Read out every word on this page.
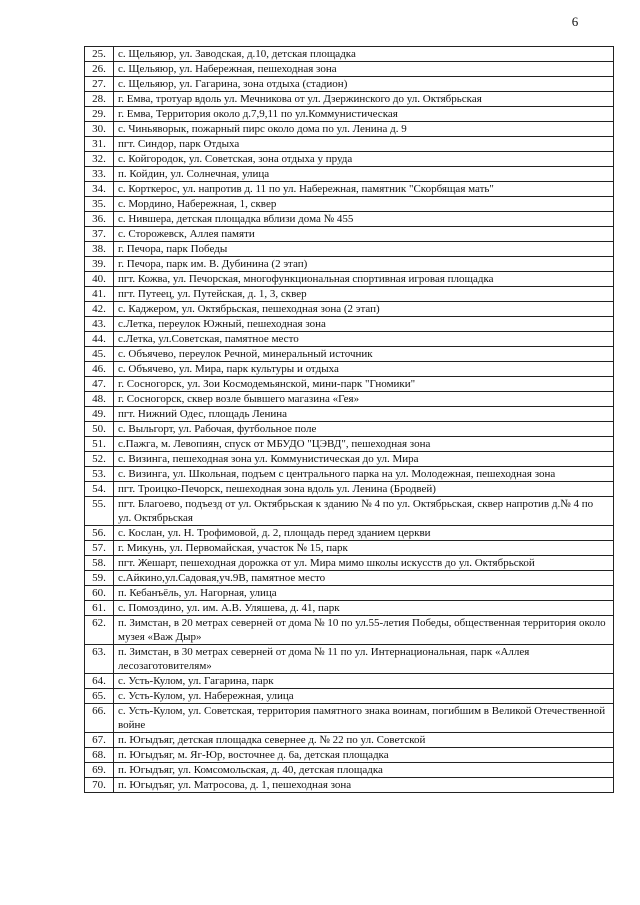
6
25.	с. Щельяюр, ул. Заводская, д.10, детская площадка
26.	с. Щельяюр, ул. Набережная, пешеходная зона
27.	с. Щельяюр, ул. Гагарина, зона отдыха (стадион)
28.	г. Емва, тротуар вдоль ул. Мечникова от ул. Дзержинского до ул. Октябрьская
29.	г. Емва, Территория около д.7,9,11 по ул.Коммунистическая
30.	с. Чиньяворык, пожарный пирс около дома по ул. Ленина д. 9
31.	пгт. Синдор, парк Отдыха
32.	с. Койгородок, ул. Советская, зона отдыха у пруда
33.	п. Койдин, ул. Солнечная, улица
34.	с. Корткерос, ул. напротив д. 11 по ул. Набережная, памятник "Скорбящая мать"
35.	с. Мордино, Набережная, 1, сквер
36.	с. Нившера, детская площадка вблизи дома № 455
37.	с. Сторожевск, Аллея памяти
38.	г. Печора, парк Победы
39.	г. Печора, парк им. В. Дубинина (2 этап)
40.	пгт. Кожва, ул. Печорская, многофункциональная спортивная игровая площадка
41.	пгт. Путеец, ул. Путейская, д. 1, 3, сквер
42.	с. Каджером, ул. Октябрьская, пешеходная зона (2 этап)
43.	с.Летка, переулок Южный, пешеходная зона
44.	с.Летка, ул.Советская, памятное место
45.	с. Объячево, переулок Речной, минеральный источник
46.	с. Объячево, ул. Мира, парк культуры и отдыха
47.	г. Сосногорск, ул. Зои Космодемьянской, мини-парк "Гномики"
48.	г. Сосногорск, сквер возле бывшего магазина «Гея»
49.	пгт. Нижний Одес, площадь Ленина
50.	с. Выльгорт, ул. Рабочая, футбольное поле
51.	с.Пажга, м. Левопиян, спуск от МБУДО "ЦЭВД", пешеходная зона
52.	с. Визинга, пешеходная зона ул. Коммунистическая до ул. Мира
53.	с. Визинга, ул. Школьная, подъем с центрального парка на ул. Молодежная, пешеходная зона
54.	пгт. Троицко-Печорск, пешеходная зона вдоль ул. Ленина (Бродвей)
55.	пгт. Благоево, подъезд от ул. Октябрьская к зданию № 4 по ул. Октябрьская, сквер напротив д.№ 4 по ул. Октябрьская
56.	с. Кослан, ул. Н. Трофимовой, д. 2, площадь перед зданием церкви
57.	г. Микунь, ул. Первомайская, участок № 15, парк
58.	пгт. Жешарт, пешеходная дорожка от ул. Мира мимо школы искусств до ул. Октябрьской
59.	с.Айкино,ул.Садовая,уч.9В, памятное место
60.	п. Кебанъёль, ул. Нагорная, улица
61.	с. Помоздино, ул. им. А.В. Уляшева, д. 41, парк
62.	п. Зимстан, в 20 метрах северней от дома № 10 по ул.55-летия Победы, общественная территория около музея «Важ Дыр»
63.	п. Зимстан, в 30 метрах северней от дома № 11 по ул. Интернациональная, парк «Аллея лесозаготовителям»
64.	с. Усть-Кулом, ул. Гагарина, парк
65.	с. Усть-Кулом, ул. Набережная, улица
66.	с. Усть-Кулом, ул. Советская, территория памятного знака воинам, погибшим в Великой Отечественной войне
67.	п. Югыдъяг, детская площадка севернее д. № 22 по ул. Советской
68.	п. Югыдъяг, м. Яг-Юр, восточнее д. 6а, детская площадка
69.	п. Югыдъяг, ул. Комсомольская, д. 40, детская площадка
70.	п. Югыдъяг, ул. Матросова, д. 1, пешеходная зона
